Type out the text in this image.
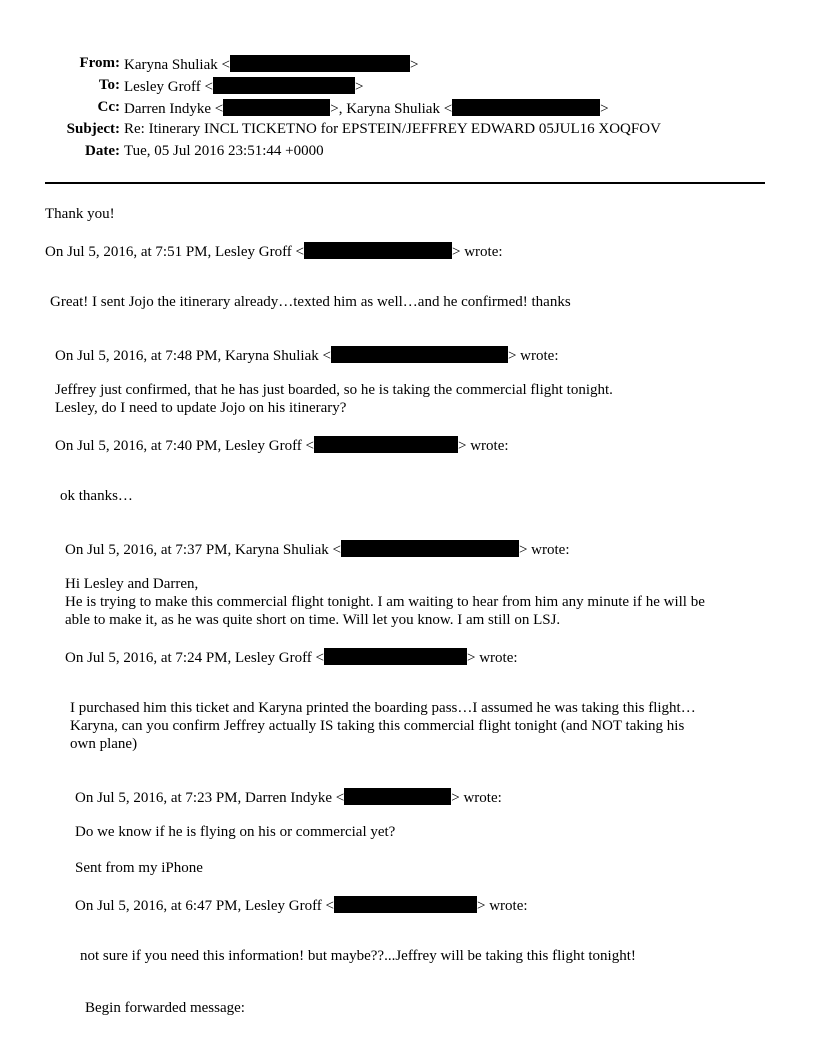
From: Karyna Shuliak <	>
To: Lesley Groff <	>
Cc: Darren Indyke <	>, Karyna Shuliak <	>
Subject: Re: Itinerary INCL TICKETNO for EPSTEIN/JEFFREY EDWARD 05JUL16 XOQFOV
Date: Tue, 05 Jul 2016 23:51:44 +0000
Thank you!
On Jul 5, 2016, at 7:51 PM, Lesley Groff <	> wrote:
Great! I sent Jojo the itinerary already…texted him as well…and he confirmed! thanks
On Jul 5, 2016, at 7:48 PM, Karyna Shuliak <	> wrote:
Jeffrey just confirmed, that he has just boarded, so he is taking the commercial flight tonight.
Lesley, do I need to update Jojo on his itinerary?
On Jul 5, 2016, at 7:40 PM, Lesley Groff <	> wrote:
ok thanks…
On Jul 5, 2016, at 7:37 PM, Karyna Shuliak <	> wrote:
Hi Lesley and Darren,
He is trying to make this commercial flight tonight. I am waiting to hear from him any minute if he will be
able to make it, as he was quite short on time. Will let you know. I am still on LSJ.
On Jul 5, 2016, at 7:24 PM, Lesley Groff <	> wrote:
I purchased him this ticket and Karyna printed the boarding pass…I assumed he was taking this flight…
Karyna, can you confirm Jeffrey actually IS taking this commercial flight tonight (and NOT taking his
own plane)
On Jul 5, 2016, at 7:23 PM, Darren Indyke <	> wrote:
Do we know if he is flying on his or commercial yet?
Sent from my iPhone
On Jul 5, 2016, at 6:47 PM, Lesley Groff <	> wrote:
not sure if you need this information! but maybe??...Jeffrey will be taking this flight tonight!
Begin forwarded message:
